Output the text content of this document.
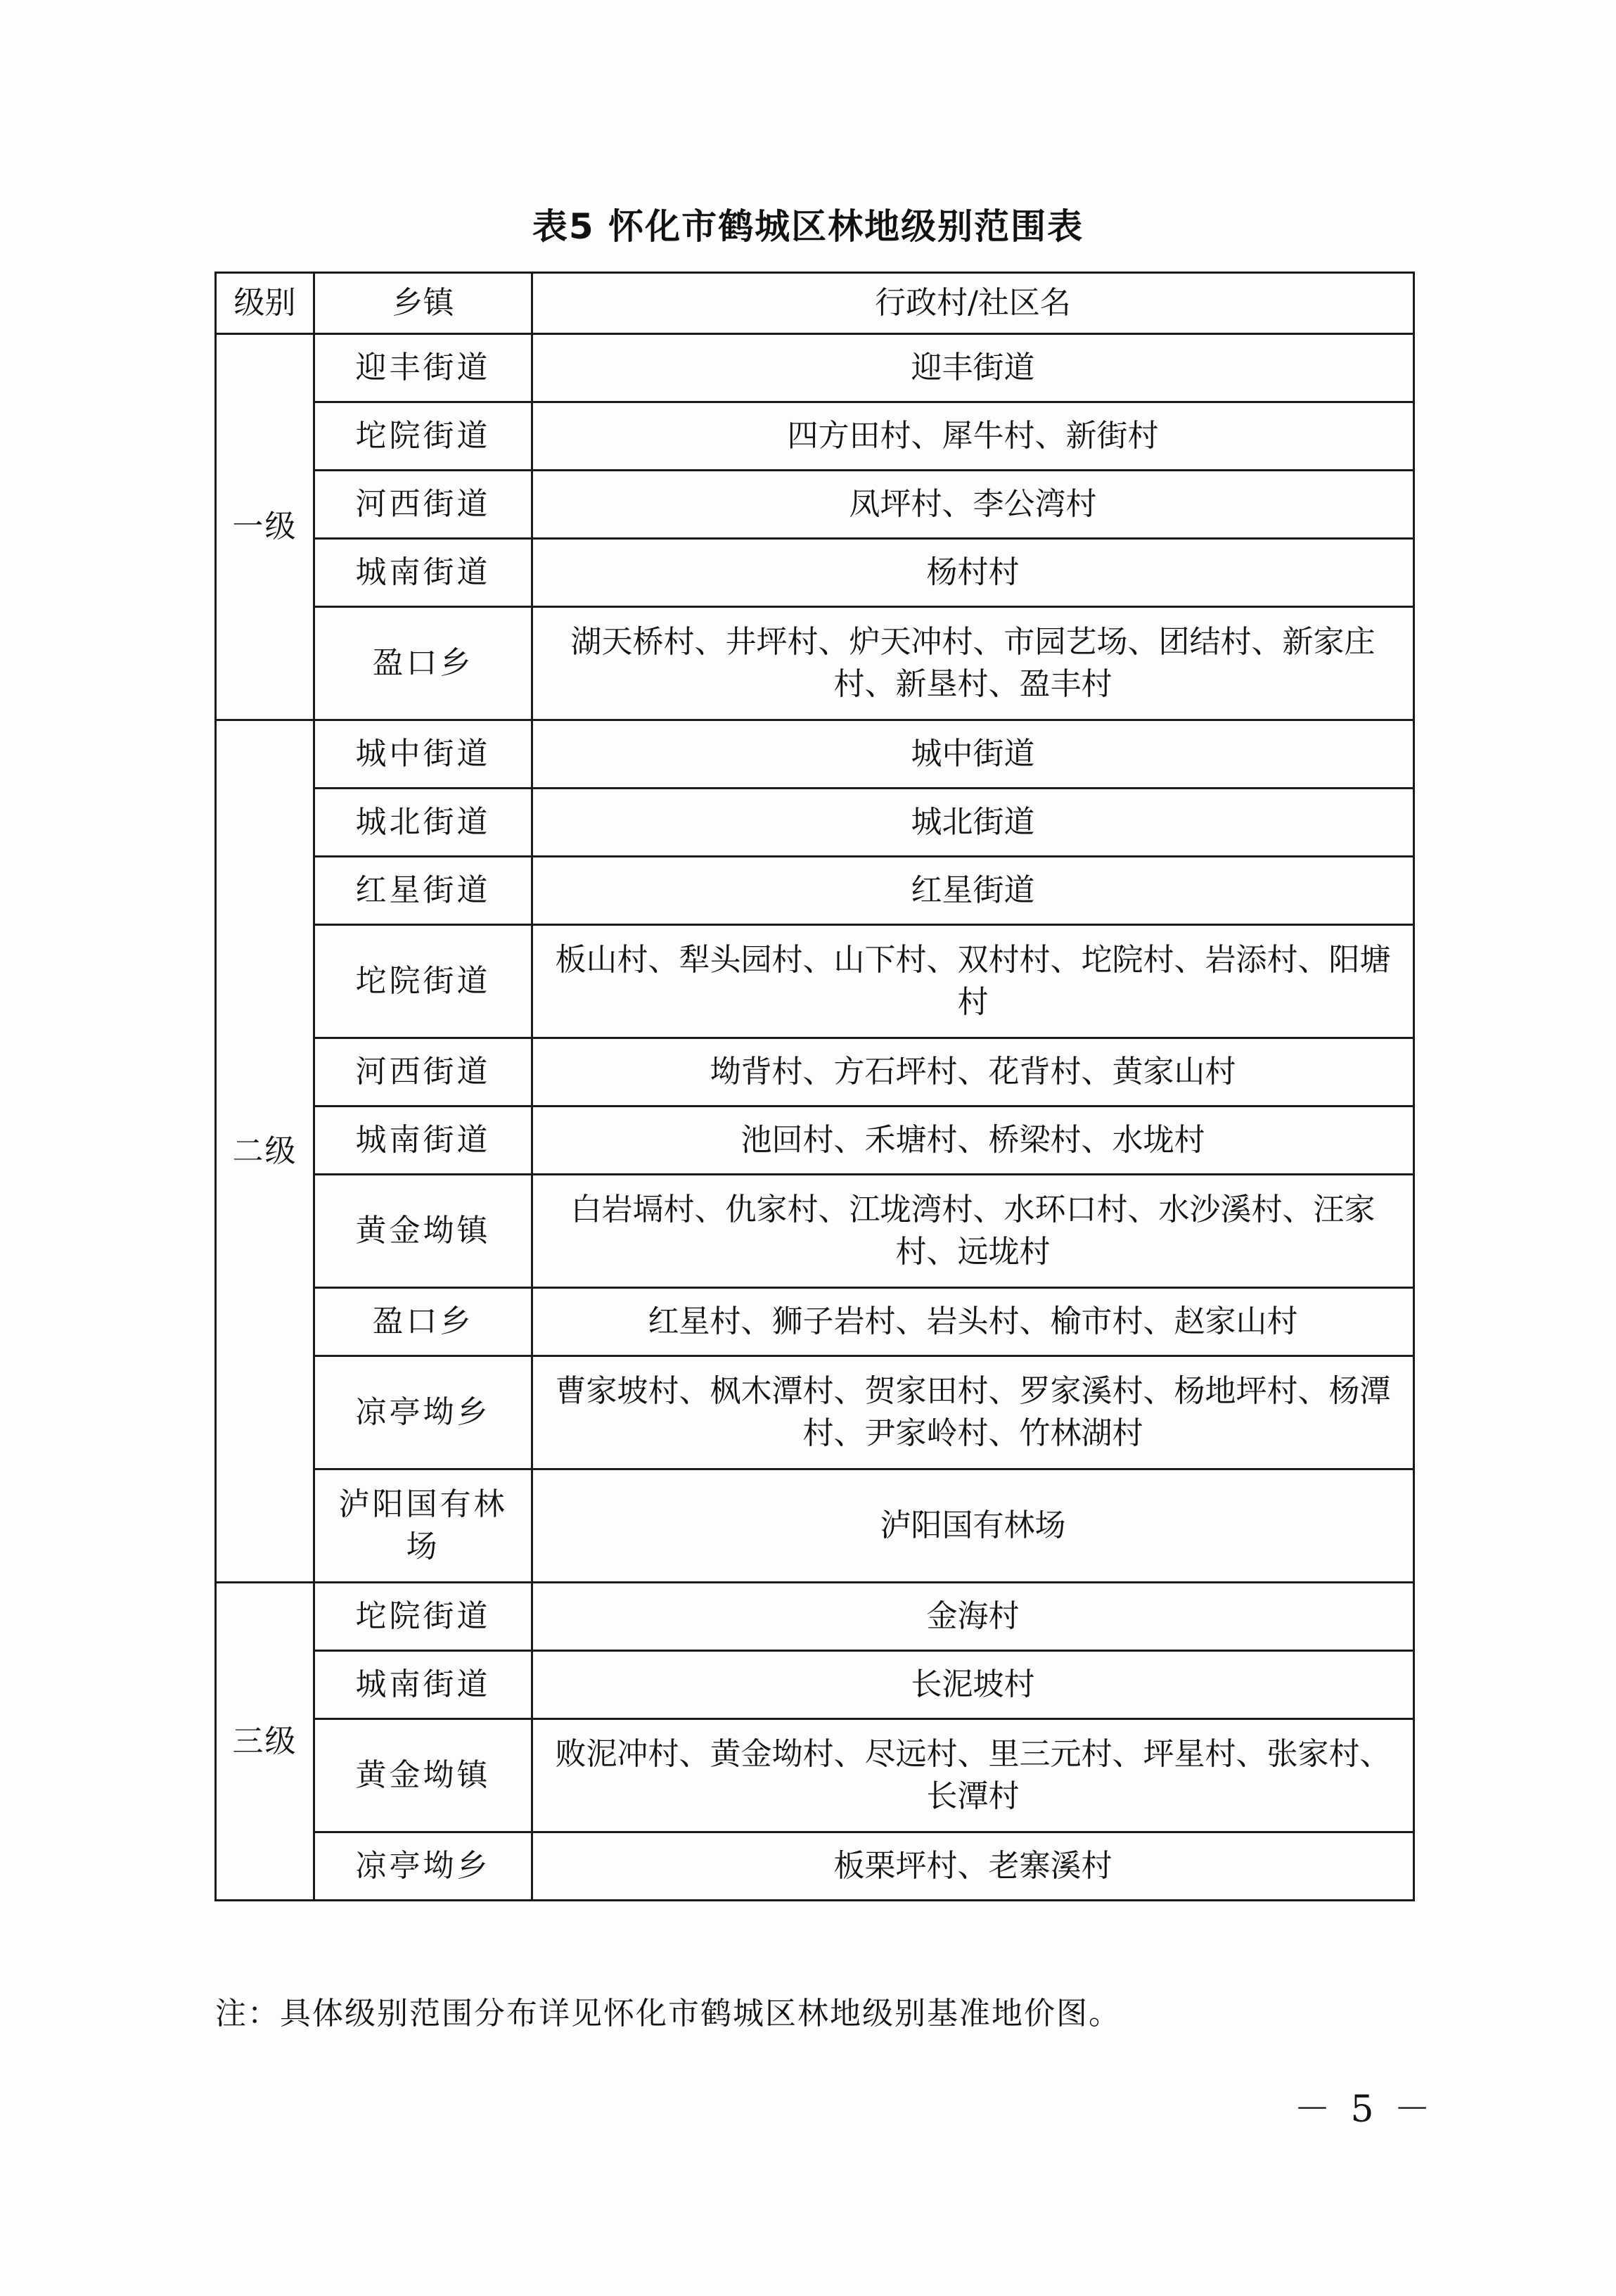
表5 怀化市鹤城区林地级别范围表
级别	乡镇	行政村/社区名
一级	迎丰街道	迎丰街道
	坨院街道	四方田村、犀牛村、新街村
	河西街道	凤坪村、李公湾村
	城南街道	杨村村
	盈口乡	湖天桥村、井坪村、炉天冲村、市园艺场、团结村、新家庄村、新垦村、盈丰村
二级	城中街道	城中街道
	城北街道	城北街道
	红星街道	红星街道
	坨院街道	板山村、犁头园村、山下村、双村村、坨院村、岩添村、阳塘村
	河西街道	坳背村、方石坪村、花背村、黄家山村
	城南街道	池回村、禾塘村、桥梁村、水垅村
	黄金坳镇	白岩塥村、仇家村、江垅湾村、水环口村、水沙溪村、汪家村、远垅村
	盈口乡	红星村、狮子岩村、岩头村、榆市村、赵家山村
	凉亭坳乡	曹家坡村、枫木潭村、贺家田村、罗家溪村、杨地坪村、杨潭村、尹家岭村、竹林湖村
	泸阳国有林场	泸阳国有林场
三级	坨院街道	金海村
	城南街道	长泥坡村
	黄金坳镇	败泥冲村、黄金坳村、尽远村、里三元村、坪星村、张家村、长潭村
	凉亭坳乡	板栗坪村、老寨溪村
注：具体级别范围分布详见怀化市鹤城区林地级别基准地价图。
－ 5 －
